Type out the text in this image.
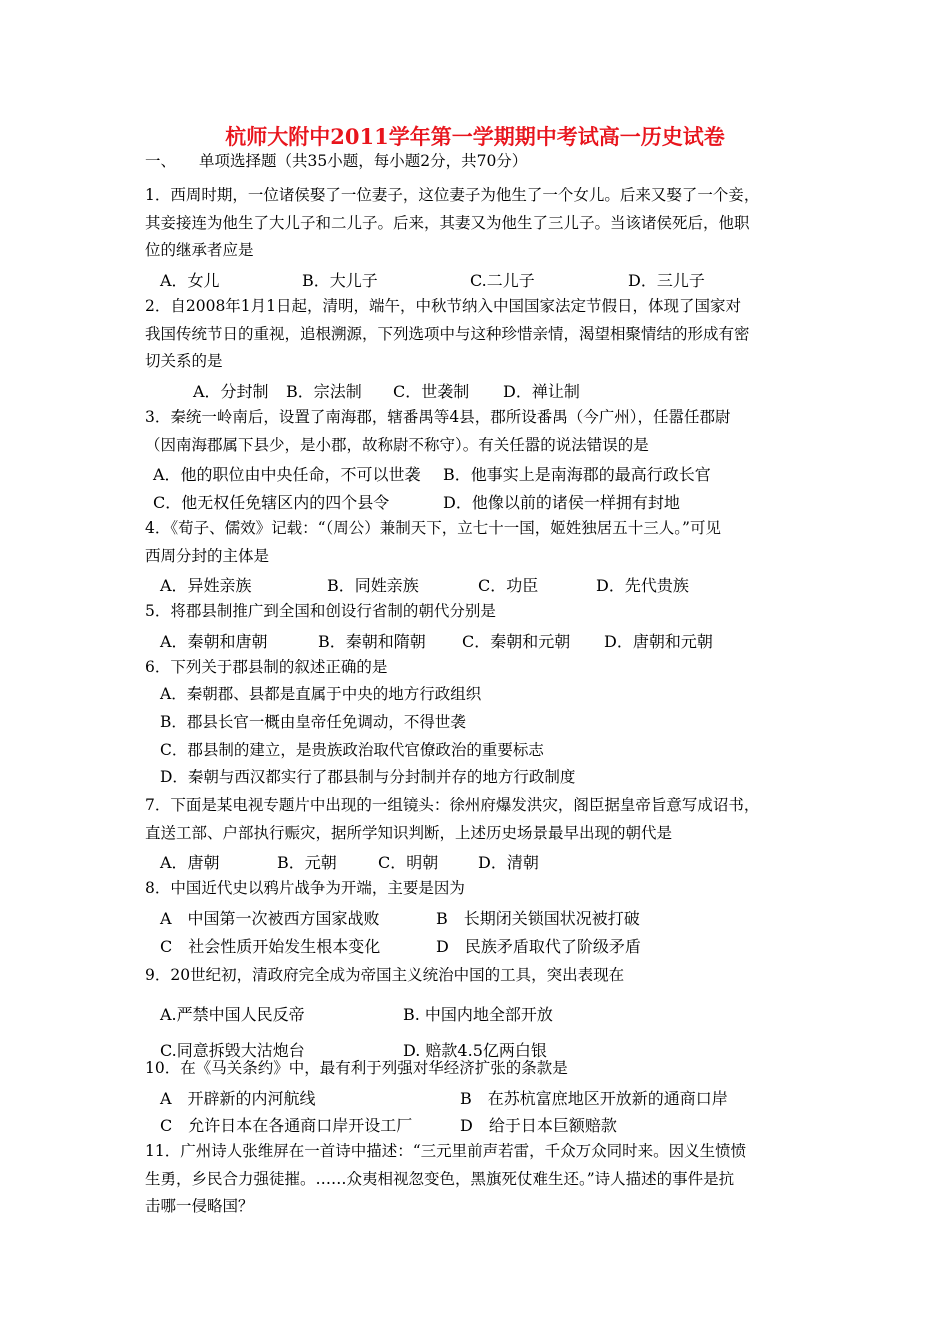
杭师大附中2011学年第一学期期中考试高一历史试卷
一、 单项选择题（共35小题，每小题2分，共70分）
1．西周时期，一位诸侯娶了一位妻子，这位妻子为他生了一个女儿。后来又娶了一个妾，
其妾接连为他生了大儿子和二儿子。后来，其妻又为他生了三儿子。当该诸侯死后，他职
位的继承者应是
A．女儿	B．大儿子	C.二儿子	D．三儿子
2．自2008年1月1日起，清明，端午，中秋节纳入中国国家法定节假日，体现了国家对
我国传统节日的重视，追根溯源，下列选项中与这种珍惜亲情，渴望相聚情结的形成有密
切关系的是
A．分封制 B．宗法制 C．世袭制 D．禅让制
3．秦统一岭南后，设置了南海郡，辖番禺等4县，郡所设番禺（今广州），任嚣任郡尉
（因南海郡属下县少，是小郡，故称尉不称守）。有关任嚣的说法错误的是
A．他的职位由中央任命，不可以世袭 B．他事实上是南海郡的最高行政长官
C．他无权任免辖区内的四个县令	D．他像以前的诸侯一样拥有封地
4．《荀子、儒效》记载：“（周公）兼制天下，立七十一国，姬姓独居五十三人。”可见
西周分封的主体是
A．异姓亲族	B．同姓亲族	C．功臣	D．先代贵族
5．将郡县制推广到全国和创设行省制的朝代分别是
A．秦朝和唐朝	B．秦朝和隋朝 C．秦朝和元朝 D．唐朝和元朝
6．下列关于郡县制的叙述正确的是
A．秦朝郡、县都是直属于中央的地方行政组织
B．郡县长官一概由皇帝任免调动，不得世袭
C．郡县制的建立，是贵族政治取代官僚政治的重要标志
D．秦朝与西汉都实行了郡县制与分封制并存的地方行政制度
7．下面是某电视专题片中出现的一组镜头：徐州府爆发洪灾，阁臣据皇帝旨意写成诏书，
直送工部、户部执行赈灾，据所学知识判断，上述历史场景最早出现的朝代是
A．唐朝	B．元朝	C．明朝 D．清朝
8．中国近代史以鸦片战争为开端，主要是因为
A　中国第一次被西方国家战败	B　长期闭关锁国状况被打破
C　社会性质开始发生根本变化	D　民族矛盾取代了阶级矛盾
9．20世纪初，清政府完全成为帝国主义统治中国的工具，突出表现在
A.严禁中国人民反帝	B. 中国内地全部开放
C.同意拆毁大沽炮台	D. 赔款4.5亿两白银
10．在《马关条约》中，最有利于列强对华经济扩张的条款是
A　开辟新的内河航线	B　在苏杭富庶地区开放新的通商口岸
C　允许日本在各通商口岸开设工厂	D　给于日本巨额赔款
11．广州诗人张维屏在一首诗中描述：“三元里前声若雷，千众万众同时来。因义生愤愤
生勇，乡民合力强徒摧。……众夷相视忽变色，黑旗死仗难生还。”诗人描述的事件是抗
击哪一侵略国？
